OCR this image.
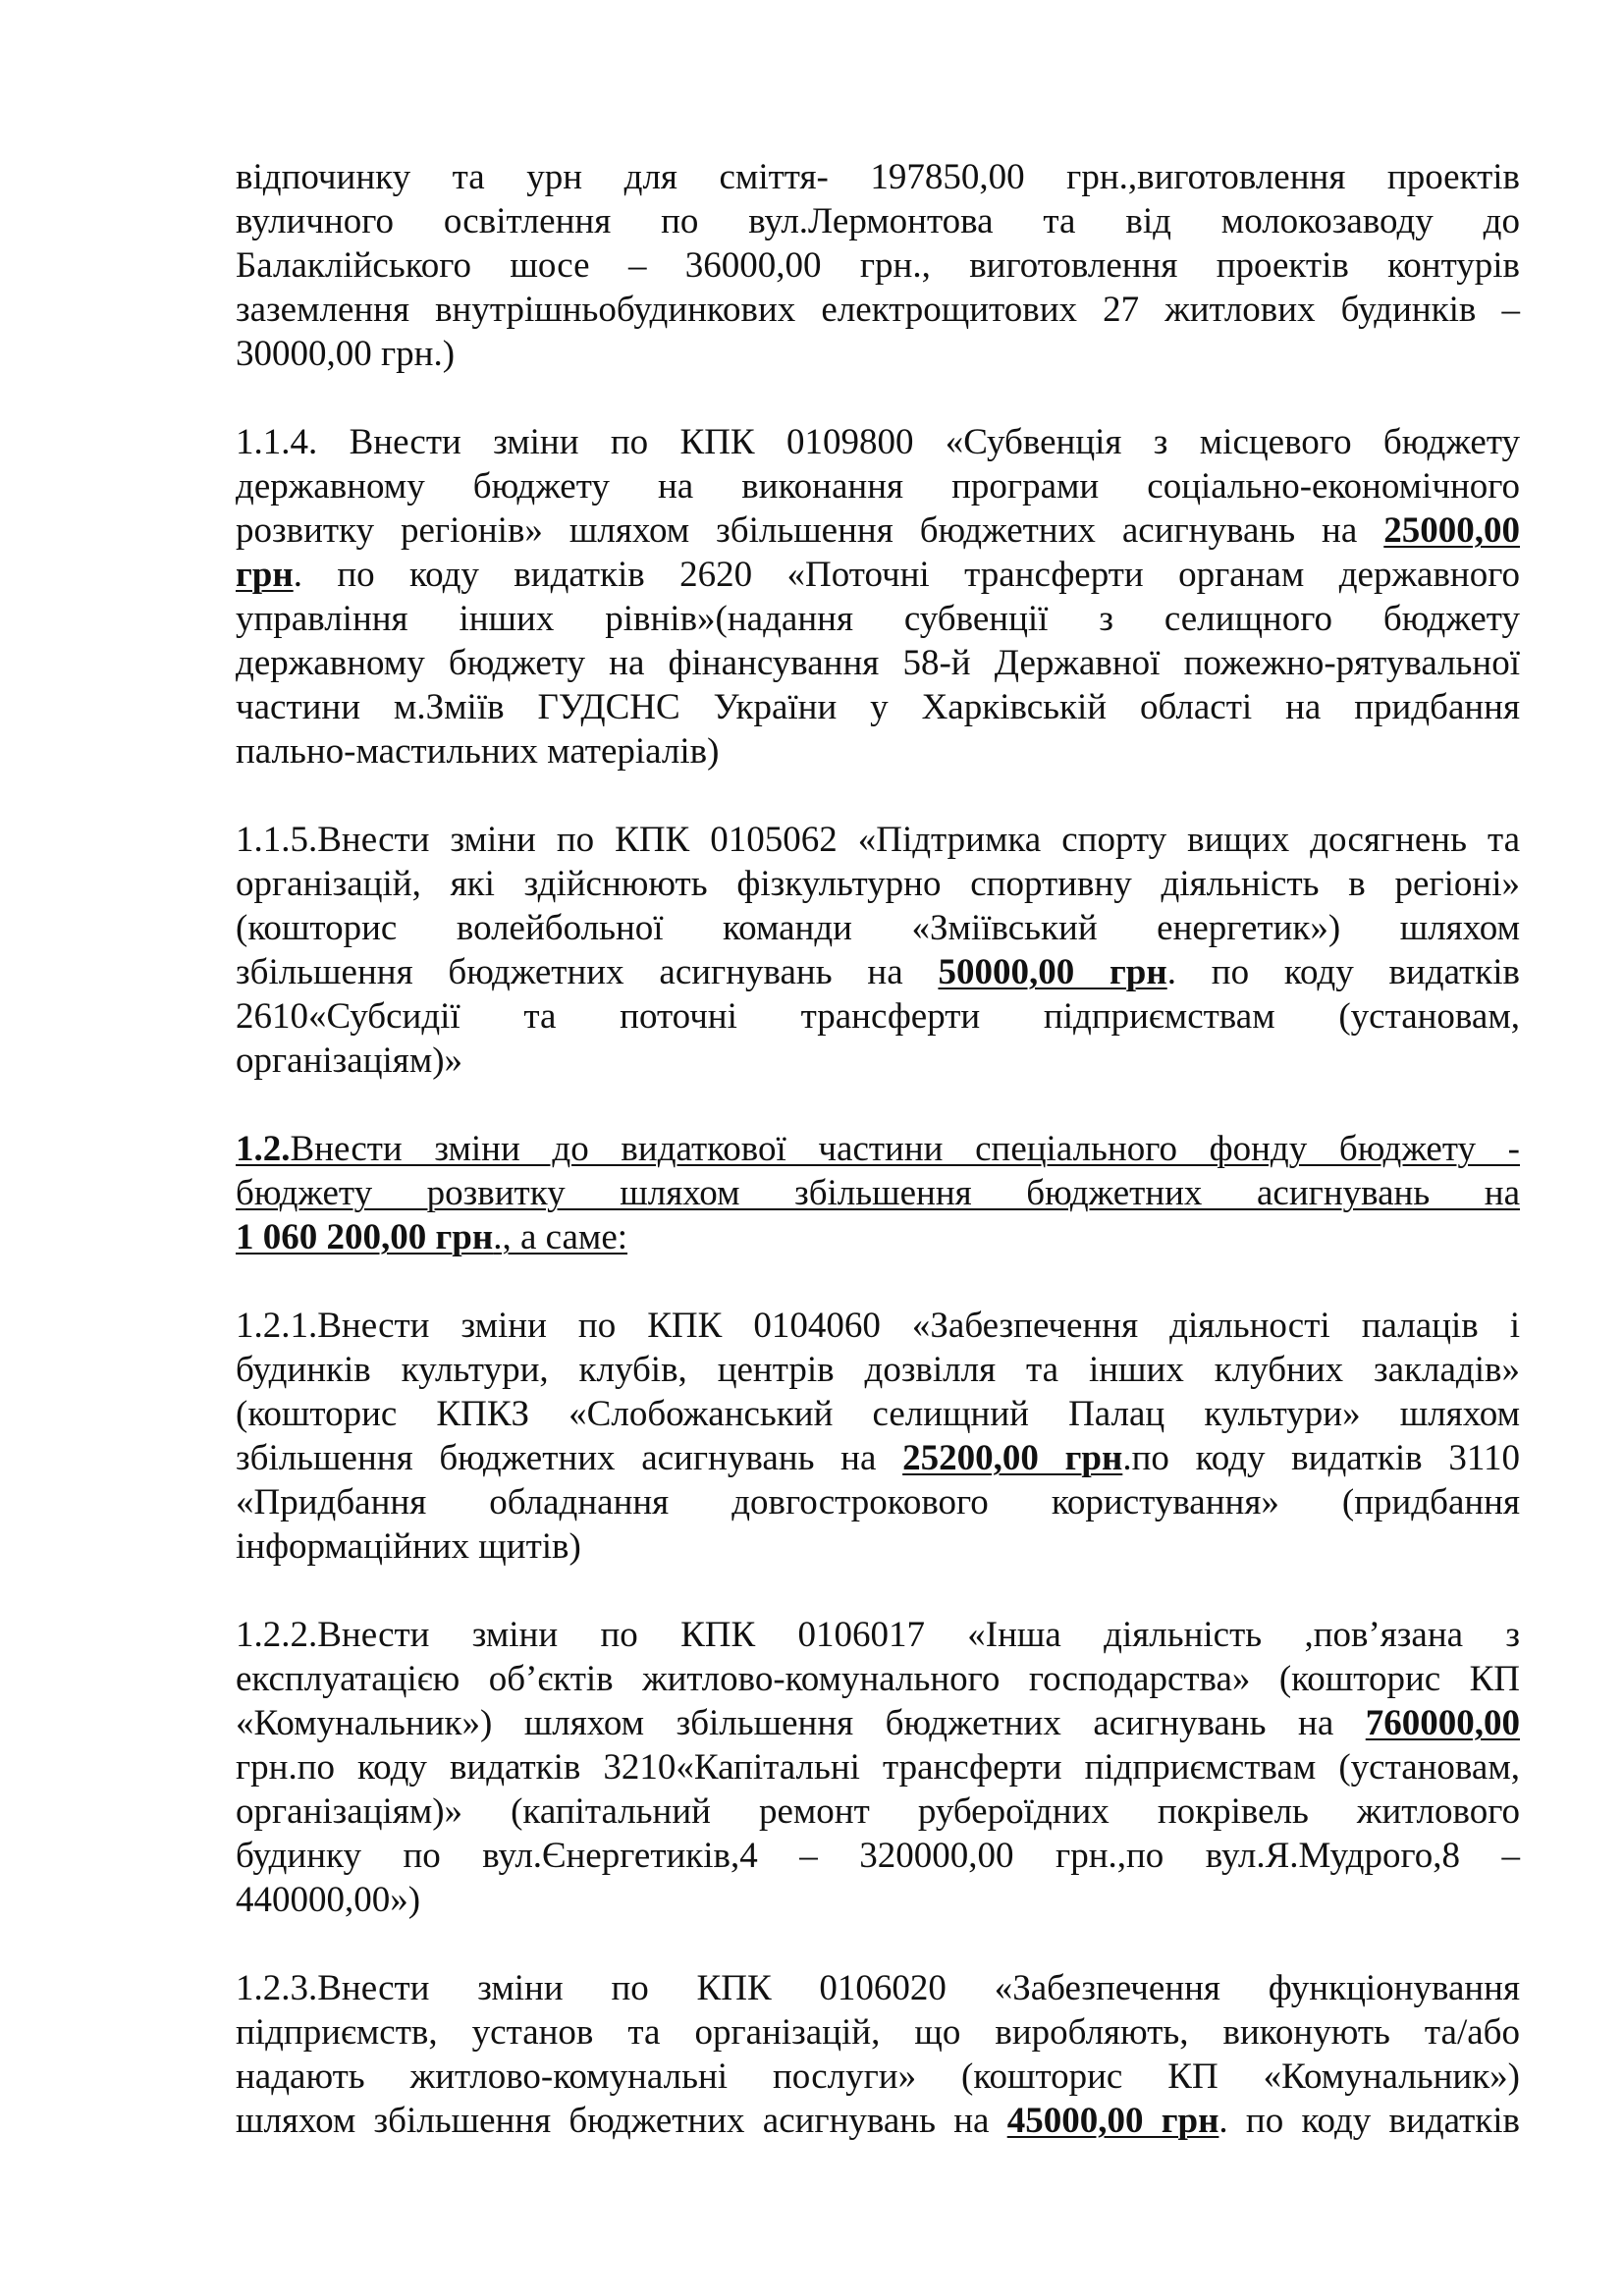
відпочинку та урн для сміття- 197850,00 грн.,виготовлення проектів
вуличного освітлення по вул.Лермонтова та від молокозаводу до
Балаклійського шосе – 36000,00 грн., виготовлення проектів контурів
заземлення внутрішньобудинкових електрощитових 27 житлових будинків –
30000,00 грн.)
1.1.4. Внести зміни по КПК 0109800 «Субвенція з місцевого бюджету
державному бюджету на виконання програми соціально-економічного
розвитку регіонів» шляхом збільшення бюджетних асигнувань на 25000,00
грн. по коду видатків 2620 «Поточні трансферти органам державного
управління інших рівнів»(надання субвенції з селищного бюджету
державному бюджету на фінансування 58-й Державної пожежно-рятувальної
частини м.Зміїв ГУДСНС України у Харківській області на придбання
пально-мастильних матеріалів)
1.1.5.Внести зміни по КПК 0105062 «Підтримка спорту вищих досягнень та
організацій, які здійснюють фізкультурно спортивну діяльність в регіоні»
(кошторис волейбольної команди «Зміївський енергетик») шляхом
збільшення бюджетних асигнувань на 50000,00 грн. по коду видатків
2610«Субсидії та поточні трансферти підприємствам (установам,
організаціям)»
1.2.Внести зміни до видаткової частини спеціального фонду бюджету -
бюджету розвитку шляхом збільшення бюджетних асигнувань на
1 060 200,00 грн., а саме:
1.2.1.Внести зміни по КПК 0104060 «Забезпечення діяльності палаців і
будинків культури, клубів, центрів дозвілля та інших клубних закладів»
(кошторис КПКЗ «Слобожанський селищний Палац культури» шляхом
збільшення бюджетних асигнувань на 25200,00 грн.по коду видатків 3110
«Придбання обладнання довгострокового користування» (придбання
інформаційних щитів)
1.2.2.Внести зміни по КПК 0106017 «Інша діяльність ,пов’язана з
експлуатацією об’єктів житлово-комунального господарства» (кошторис КП
«Комунальник») шляхом збільшення бюджетних асигнувань на 760000,00
грн.по коду видатків 3210«Капітальні трансферти підприємствам (установам,
організаціям)» (капітальний ремонт руберοїдних покрівель житлового
будинку по вул.Єнергетиків,4 – 320000,00 грн.,по вул.Я.Мудрого,8 –
440000,00»)
1.2.3.Внести зміни по КПК 0106020 «Забезпечення функціонування
підприємств, установ та організацій, що виробляють, виконують та/або
надають житлово-комунальні послуги» (кошторис КП «Комунальник»)
шляхом збільшення бюджетних асигнувань на 45000,00 грн. по коду видатків
